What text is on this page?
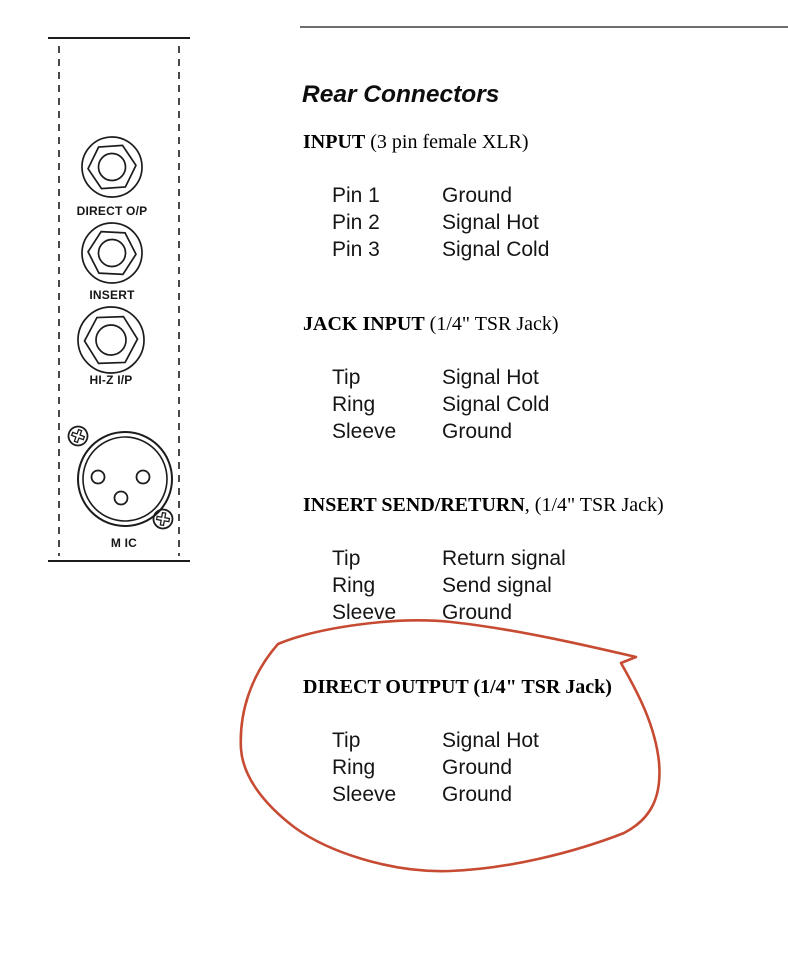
DIRECT O/P
INSERT
HI-Z I/P
M IC
Rear Connectors
INPUT (3 pin female XLR)
Pin 1	Ground
Pin 2	Signal Hot
Pin 3	Signal Cold
JACK INPUT (1/4" TSR Jack)
Tip	Signal Hot
Ring	Signal Cold
Sleeve	Ground
INSERT SEND/RETURN, (1/4" TSR Jack)
Tip	Return signal
Ring	Send signal
Sleeve	Ground
DIRECT OUTPUT (1/4" TSR Jack)
Tip	Signal Hot
Ring	Ground
Sleeve	Ground
